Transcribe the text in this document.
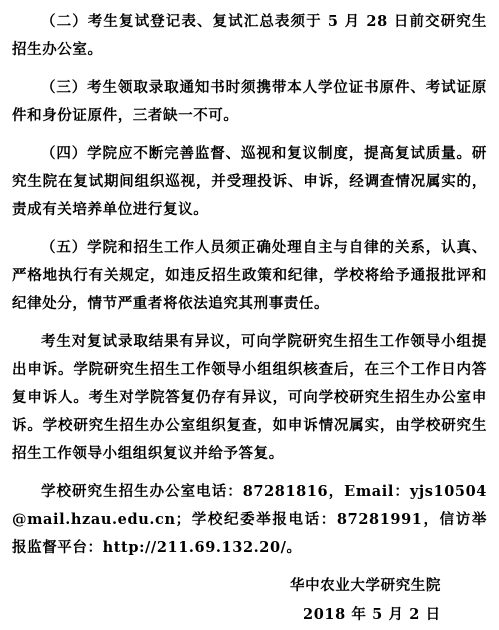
（二）考生复试登记表、复试汇总表须于 5 月 28 日前交研究生招生办公室。

（三）考生领取录取通知书时须携带本人学位证书原件、考试证原件和身份证原件，三者缺一不可。

（四）学院应不断完善监督、巡视和复议制度，提高复试质量。研究生院在复试期间组织巡视，并受理投诉、申诉，经调查情况属实的，责成有关培养单位进行复议。

（五）学院和招生工作人员须正确处理自主与自律的关系，认真、严格地执行有关规定，如违反招生政策和纪律，学校将给予通报批评和纪律处分，情节严重者将依法追究其刑事责任。

考生对复试录取结果有异议，可向学院研究生招生工作领导小组提出申诉。学院研究生招生工作领导小组组织核查后，在三个工作日内答复申诉人。考生对学院答复仍存有异议，可向学校研究生招生办公室申诉。学校研究生招生办公室组织复查，如申诉情况属实，由学校研究生招生工作领导小组组织复议并给予答复。

学校研究生招生办公室电话：87281816，Email：yjs10504@mail.hzau.edu.cn；学校纪委举报电话：87281991，信访举报监督平台：http://211.69.132.20/。

华中农业大学研究生院
2018 年 5 月 2 日
